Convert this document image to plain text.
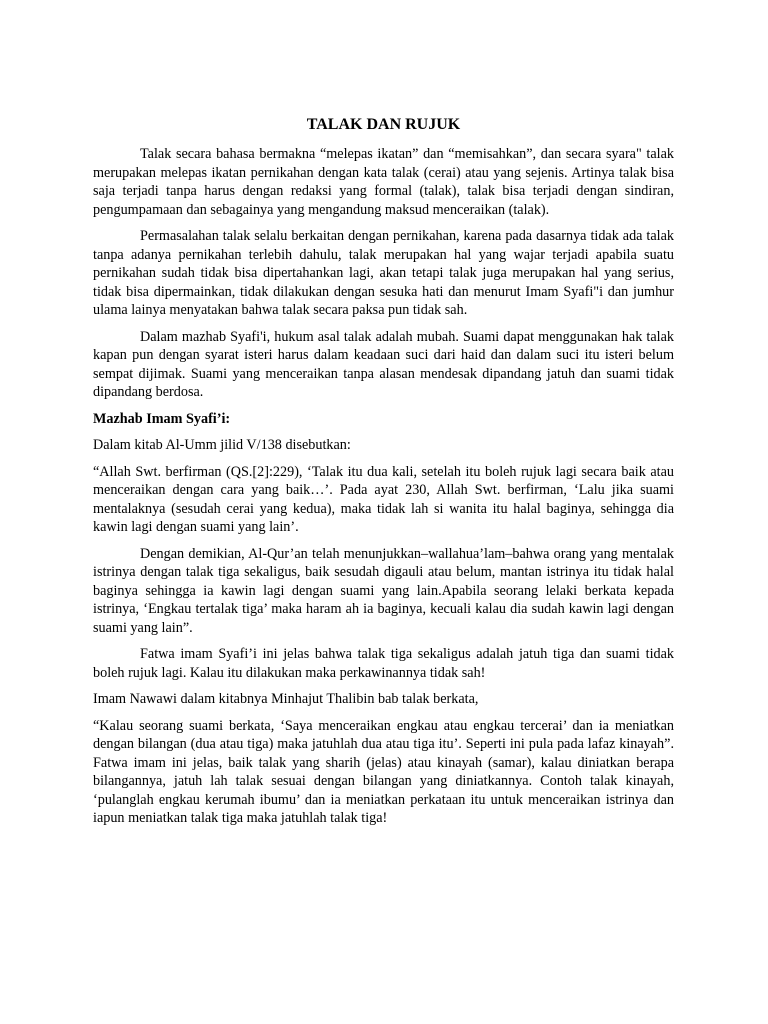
TALAK DAN RUJUK

Talak secara bahasa bermakna “melepas ikatan” dan “memisahkan”, dan secara syara" talak merupakan melepas ikatan pernikahan dengan kata talak (cerai) atau yang sejenis. Artinya talak bisa saja terjadi tanpa harus dengan redaksi yang formal (talak), talak bisa terjadi dengan sindiran, pengumpamaan dan sebagainya yang mengandung maksud menceraikan (talak).

Permasalahan talak selalu berkaitan dengan pernikahan, karena pada dasarnya tidak ada talak tanpa adanya pernikahan terlebih dahulu, talak merupakan hal yang wajar terjadi apabila suatu pernikahan sudah tidak bisa dipertahankan lagi, akan tetapi talak juga merupakan hal yang serius, tidak bisa dipermainkan, tidak dilakukan dengan sesuka hati dan menurut Imam Syafi"i dan jumhur ulama lainya menyatakan bahwa talak secara paksa pun tidak sah.

Dalam mazhab Syafi'i, hukum asal talak adalah mubah. Suami dapat menggunakan hak talak kapan pun dengan syarat isteri harus dalam keadaan suci dari haid dan dalam suci itu isteri belum sempat dijimak. Suami yang menceraikan tanpa alasan mendesak dipandang jatuh dan suami tidak dipandang berdosa.

Mazhab Imam Syafi’i:

Dalam kitab Al-Umm jilid V/138 disebutkan:

“Allah Swt. berfirman (QS.[2]:229), ‘Talak itu dua kali, setelah itu boleh rujuk lagi secara baik atau menceraikan dengan cara yang baik…’. Pada ayat 230, Allah Swt. berfirman, ‘Lalu jika suami mentalaknya (sesudah cerai yang kedua), maka tidak lah si wanita itu halal baginya, sehingga dia kawin lagi dengan suami yang lain’.

Dengan demikian, Al-Qur’an telah menunjukkan–wallahua’lam–bahwa orang yang mentalak istrinya dengan talak tiga sekaligus, baik sesudah digauli atau belum, mantan istrinya itu tidak halal baginya sehingga ia kawin lagi dengan suami yang lain.Apabila seorang lelaki berkata kepada istrinya, ‘Engkau tertalak tiga’ maka haram ah ia baginya, kecuali kalau dia sudah kawin lagi dengan suami yang lain”.

Fatwa imam Syafi’i ini jelas bahwa talak tiga sekaligus adalah jatuh tiga dan suami tidak boleh rujuk lagi. Kalau itu dilakukan maka perkawinannya tidak sah!

Imam Nawawi dalam kitabnya Minhajut Thalibin bab talak berkata,

“Kalau seorang suami berkata, ‘Saya menceraikan engkau atau engkau tercerai’ dan ia meniatkan dengan bilangan (dua atau tiga) maka jatuhlah dua atau tiga itu’. Seperti ini pula pada lafaz kinayah”. Fatwa imam ini jelas, baik talak yang sharih (jelas) atau kinayah (samar), kalau diniatkan berapa bilangannya, jatuh lah talak sesuai dengan bilangan yang diniatkannya. Contoh talak kinayah, ‘pulanglah engkau kerumah ibumu’ dan ia meniatkan perkataan itu untuk menceraikan istrinya dan iapun meniatkan talak tiga maka jatuhlah talak tiga!
